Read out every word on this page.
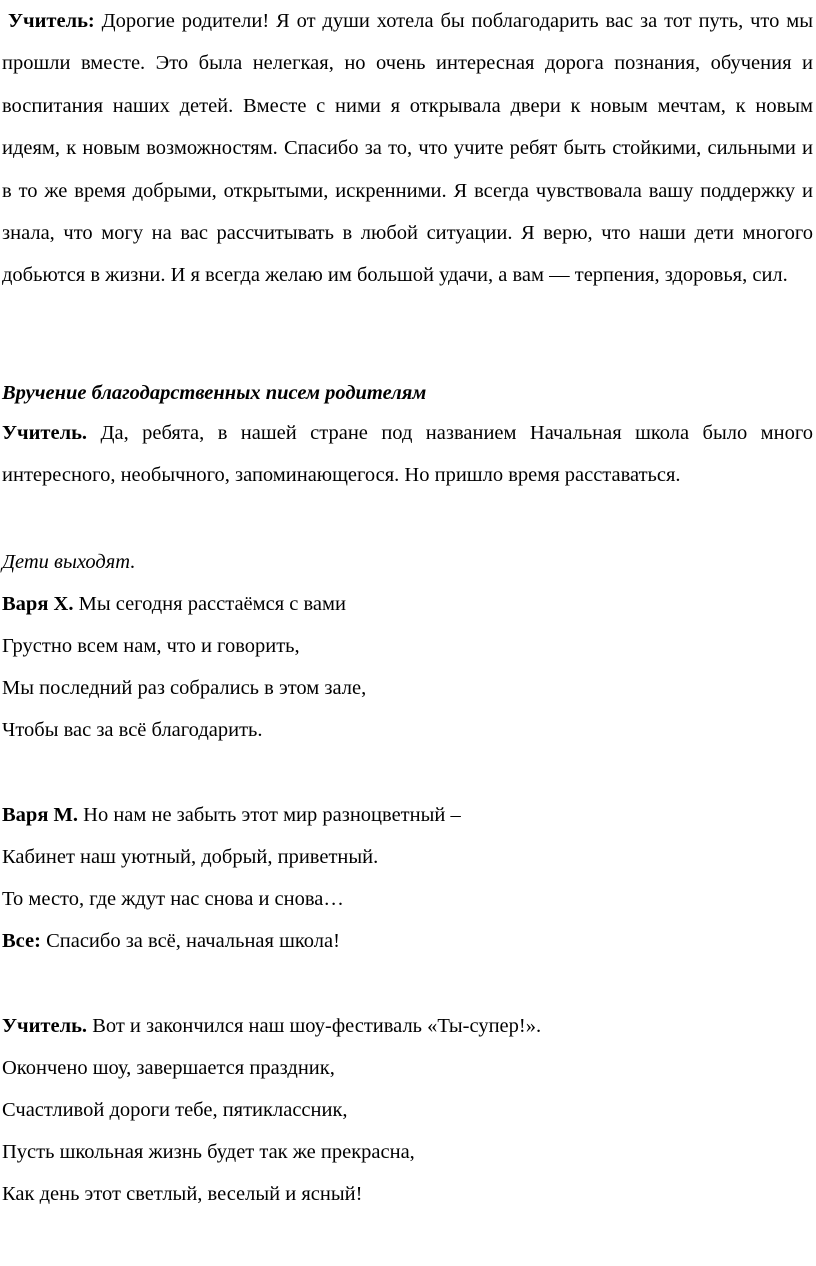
Учитель: Дорогие родители! Я от души хотела бы поблагодарить вас за тот путь, что мы прошли вместе. Это была нелегкая, но очень интересная дорога познания, обучения и воспитания наших детей. Вместе с ними я открывала двери к новым мечтам, к новым идеям, к новым возможностям. Спасибо за то, что учите ребят быть стойкими, сильными и в то же время добрыми, открытыми, искренними. Я всегда чувствовала вашу поддержку и знала, что могу на вас рассчитывать в любой ситуации. Я верю, что наши дети многого добьются в жизни. И я всегда желаю им большой удачи, а вам — терпения, здоровья, сил.

Вручение благодарственных писем родителям

Учитель. Да, ребята, в нашей стране под названием Начальная школа было много интересного, необычного, запоминающегося. Но пришло время расставаться.

Дети выходят.

Варя Х. Мы сегодня расстаёмся с вами

Грустно всем нам, что и говорить,

Мы последний раз собрались в этом зале,

Чтобы вас за всё благодарить.

Варя М. Но нам не забыть этот мир разноцветный –

Кабинет наш уютный, добрый, приветный.

То место, где ждут нас снова и снова…

Все: Спасибо за всё, начальная школа!

Учитель. Вот и закончился наш шоу-фестиваль «Ты-супер!».

Окончено шоу, завершается праздник,

Счастливой дороги тебе, пятиклассник,

Пусть школьная жизнь будет так же прекрасна,

Как день этот светлый, веселый и ясный!
